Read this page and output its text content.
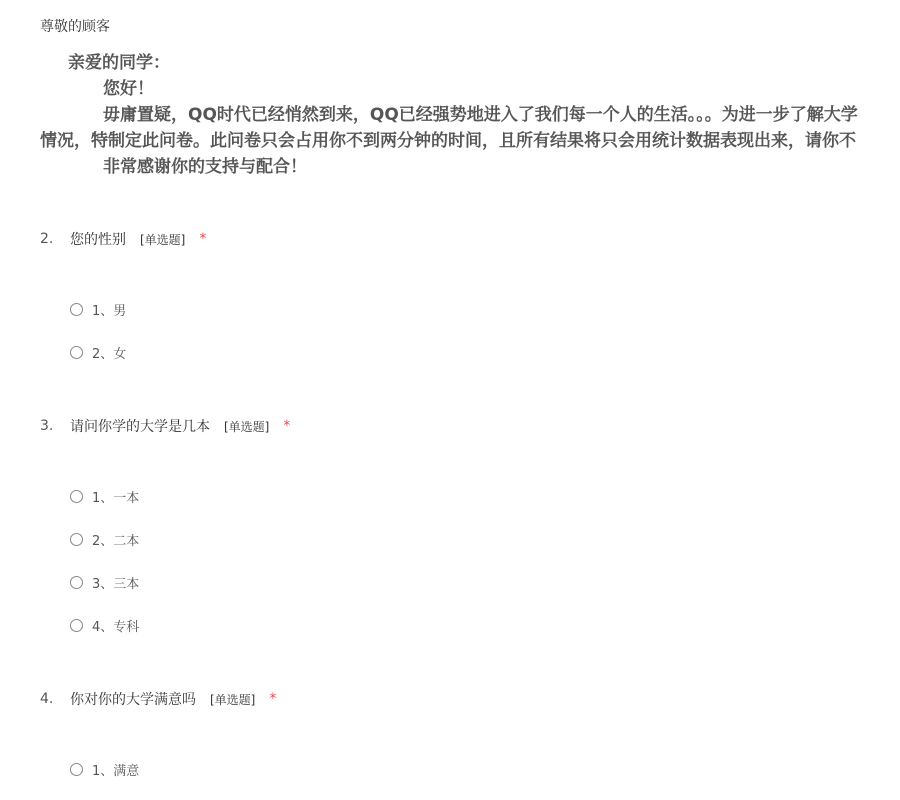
尊敬的顾客
亲爱的同学：
您好！
毋庸置疑，QQ时代已经悄然到来，QQ已经强势地进入了我们每一个人的生活。。。为进一步了解大学
情况，特制定此问卷。此问卷只会占用你不到两分钟的时间，且所有结果将只会用统计数据表现出来，请你不
非常感谢你的支持与配合！
2.	您的性别 [单选题] *
1、男
2、女
3.	请问你学的大学是几本 [单选题] *
1、一本
2、二本
3、三本
4、专科
4.	你对你的大学满意吗 [单选题] *
1、满意
